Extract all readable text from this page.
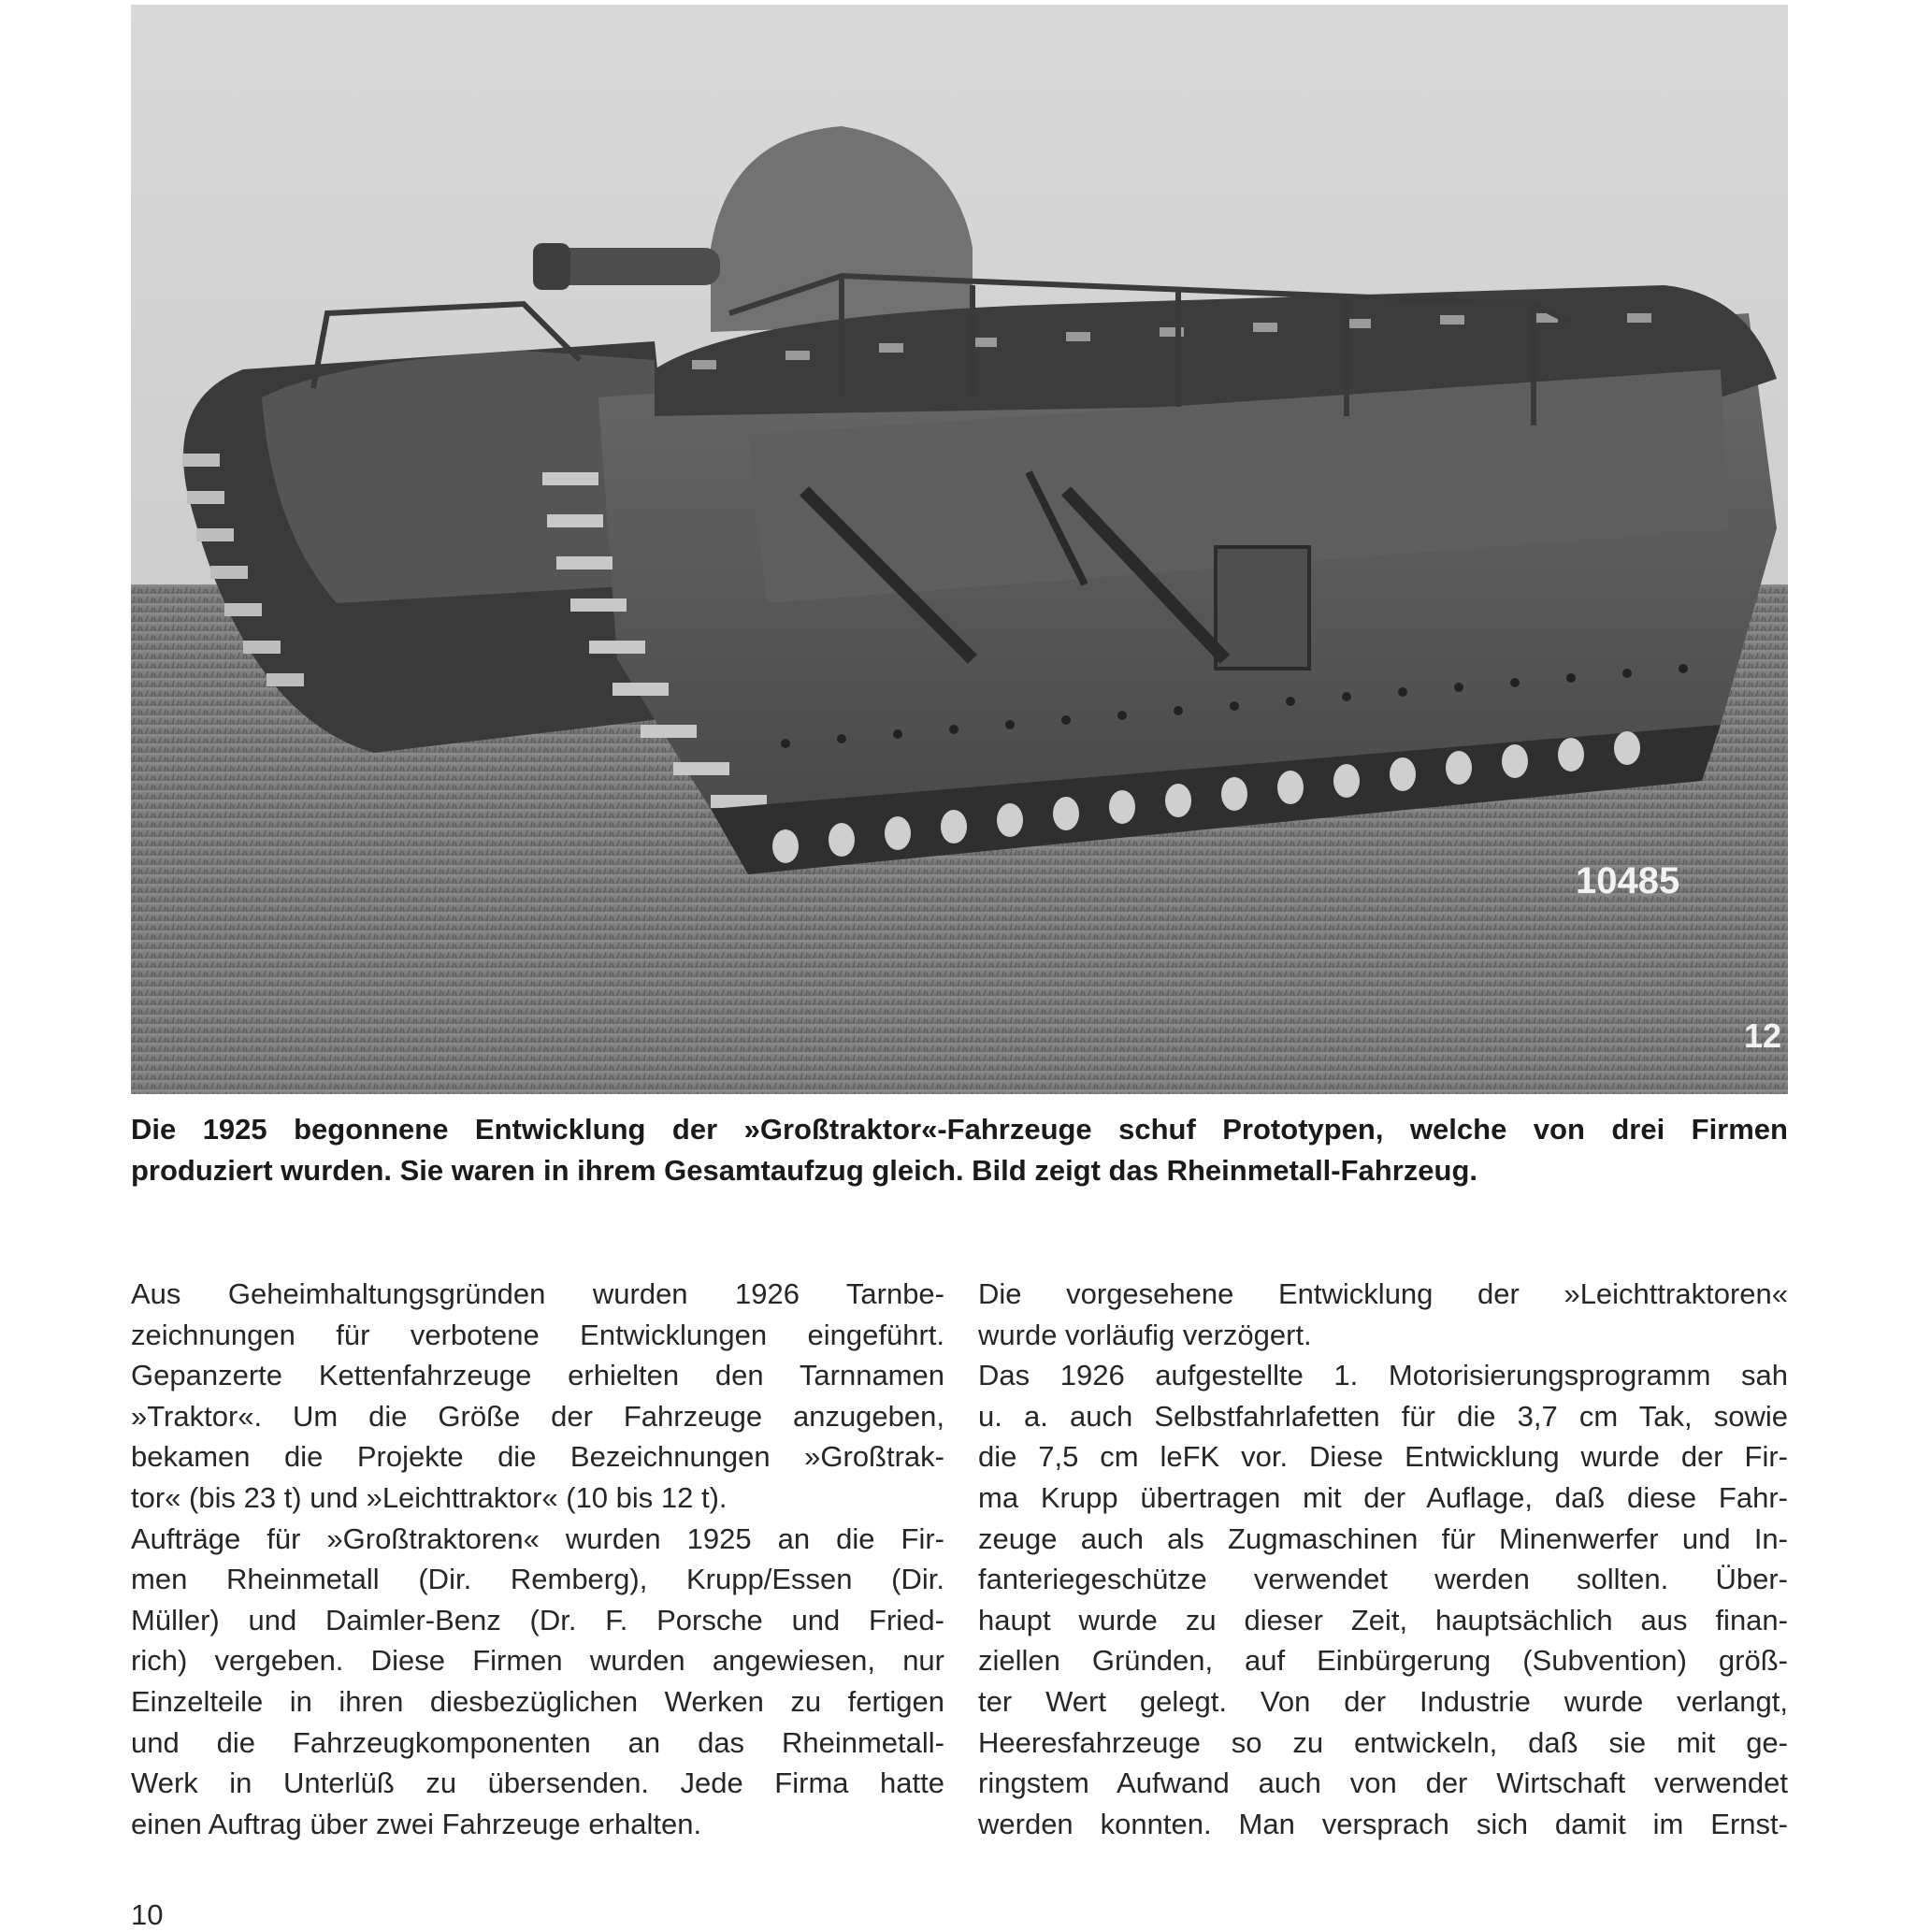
10485
12
Die 1925 begonnene Entwicklung der »Großtraktor«-Fahrzeuge schuf Prototypen, welche von drei Firmen
produziert wurden. Sie waren in ihrem Gesamtaufzug gleich. Bild zeigt das Rheinmetall-Fahrzeug.
Aus Geheimhaltungsgründen wurden 1926 Tarnbe-
zeichnungen für verbotene Entwicklungen eingeführt.
Gepanzerte Kettenfahrzeuge erhielten den Tarnnamen
»Traktor«. Um die Größe der Fahrzeuge anzugeben,
bekamen die Projekte die Bezeichnungen »Großtrak-
tor« (bis 23 t) und »Leichttraktor« (10 bis 12 t).
Aufträge für »Großtraktoren« wurden 1925 an die Fir-
men Rheinmetall (Dir. Remberg), Krupp/Essen (Dir.
Müller) und Daimler-Benz (Dr. F. Porsche und Fried-
rich) vergeben. Diese Firmen wurden angewiesen, nur
Einzelteile in ihren diesbezüglichen Werken zu fertigen
und die Fahrzeugkomponenten an das Rheinmetall-
Werk in Unterlüß zu übersenden. Jede Firma hatte
einen Auftrag über zwei Fahrzeuge erhalten.
Die vorgesehene Entwicklung der »Leichttraktoren«
wurde vorläufig verzögert.
Das 1926 aufgestellte 1. Motorisierungsprogramm sah
u. a. auch Selbstfahrlafetten für die 3,7 cm Tak, sowie
die 7,5 cm leFK vor. Diese Entwicklung wurde der Fir-
ma Krupp übertragen mit der Auflage, daß diese Fahr-
zeuge auch als Zugmaschinen für Minenwerfer und In-
fanteriegeschütze verwendet werden sollten. Über-
haupt wurde zu dieser Zeit, hauptsächlich aus finan-
ziellen Gründen, auf Einbürgerung (Subvention) größ-
ter Wert gelegt. Von der Industrie wurde verlangt,
Heeresfahrzeuge so zu entwickeln, daß sie mit ge-
ringstem Aufwand auch von der Wirtschaft verwendet
werden konnten. Man versprach sich damit im Ernst-
10
